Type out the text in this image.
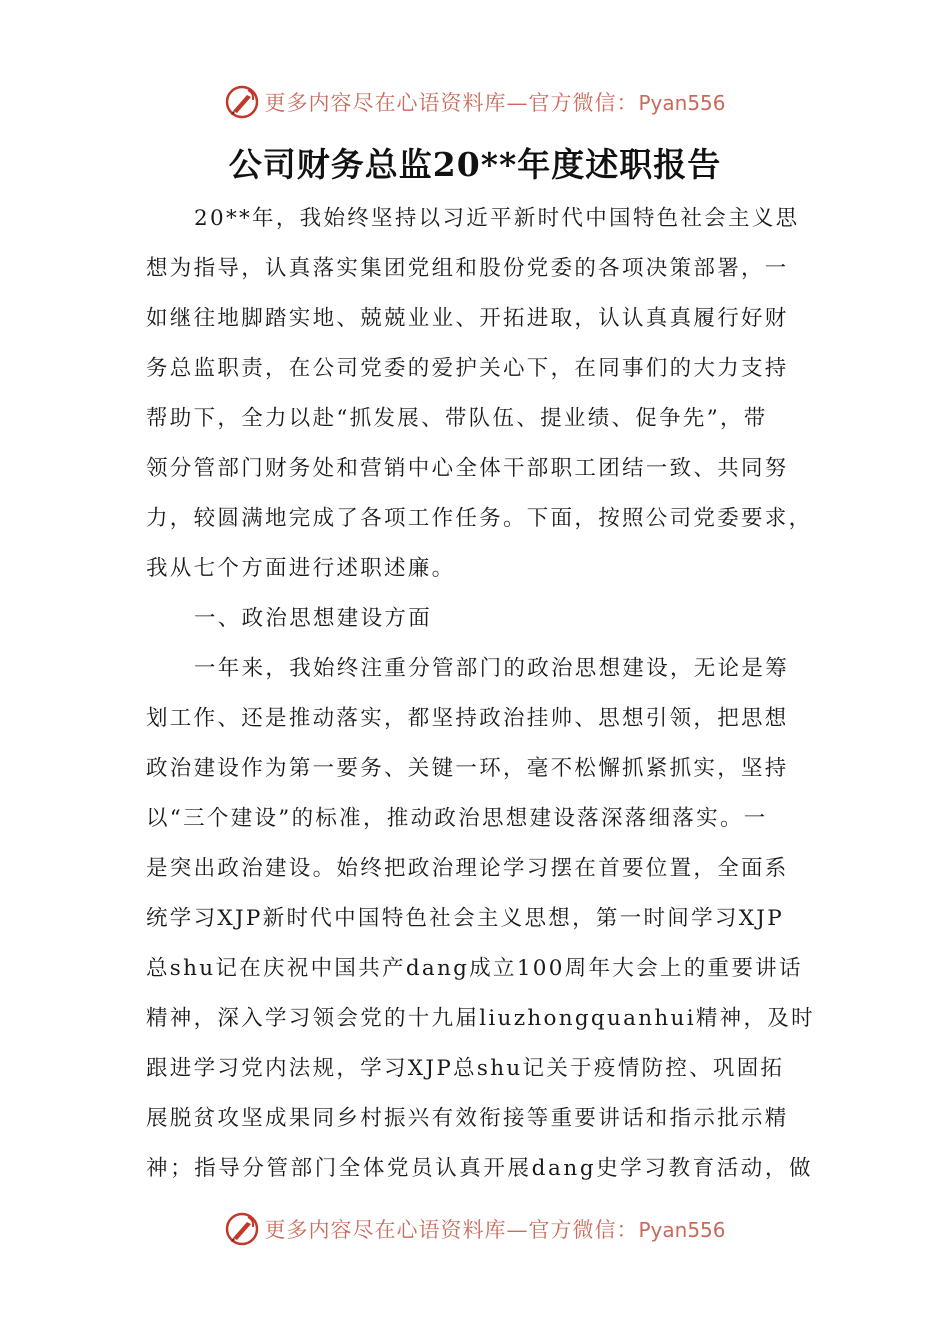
更多内容尽在心语资料库—官方微信：Pyan556
公司财务总监20**年度述职报告
20**年，我始终坚持以习近平新时代中国特色社会主义思
想为指导，认真落实集团党组和股份党委的各项决策部署，一
如继往地脚踏实地、兢兢业业、开拓进取，认认真真履行好财
务总监职责，在公司党委的爱护关心下，在同事们的大力支持
帮助下，全力以赴“抓发展、带队伍、提业绩、促争先”，带
领分管部门财务处和营销中心全体干部职工团结一致、共同努
力，较圆满地完成了各项工作任务。下面，按照公司党委要求，
我从七个方面进行述职述廉。
一、政治思想建设方面
一年来，我始终注重分管部门的政治思想建设，无论是筹
划工作、还是推动落实，都坚持政治挂帅、思想引领，把思想
政治建设作为第一要务、关键一环，毫不松懈抓紧抓实，坚持
以“三个建设”的标准，推动政治思想建设落深落细落实。一
是突出政治建设。始终把政治理论学习摆在首要位置，全面系
统学习XJP新时代中国特色社会主义思想，第一时间学习XJP
总shu记在庆祝中国共产dang成立100周年大会上的重要讲话
精神，深入学习领会党的十九届liuzhongquanhui精神，及时
跟进学习党内法规，学习XJP总shu记关于疫情防控、巩固拓
展脱贫攻坚成果同乡村振兴有效衔接等重要讲话和指示批示精
神；指导分管部门全体党员认真开展dang史学习教育活动，做
更多内容尽在心语资料库—官方微信：Pyan556
